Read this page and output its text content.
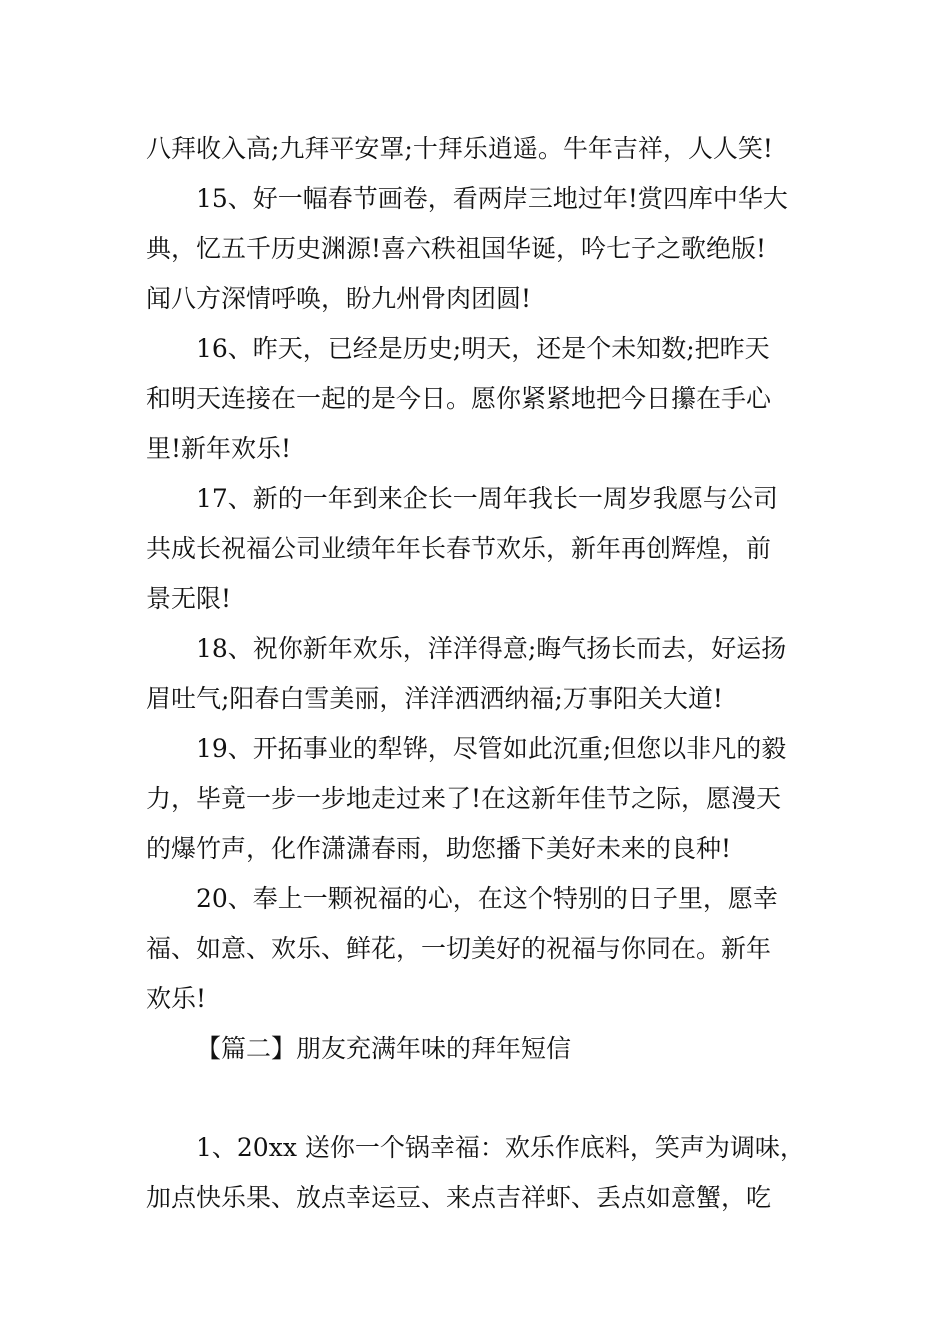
八拜收入高;九拜平安罩;十拜乐逍遥。牛年吉祥，人人笑!
15、好一幅春节画卷，看两岸三地过年!赏四库中华大
典，忆五千历史渊源!喜六秩祖国华诞，吟七子之歌绝版!
闻八方深情呼唤，盼九州骨肉团圆!
16、昨天，已经是历史;明天，还是个未知数;把昨天
和明天连接在一起的是今日。愿你紧紧地把今日攥在手心
里!新年欢乐!
17、新的一年到来企长一周年我长一周岁我愿与公司
共成长祝福公司业绩年年长春节欢乐，新年再创辉煌，前
景无限!
18、祝你新年欢乐，洋洋得意;晦气扬长而去，好运扬
眉吐气;阳春白雪美丽，洋洋洒洒纳福;万事阳关大道!
19、开拓事业的犁铧，尽管如此沉重;但您以非凡的毅
力，毕竟一步一步地走过来了!在这新年佳节之际，愿漫天
的爆竹声，化作潇潇春雨，助您播下美好未来的良种!
20、奉上一颗祝福的心，在这个特别的日子里，愿幸
福、如意、欢乐、鲜花，一切美好的祝福与你同在。新年
欢乐!
【篇二】朋友充满年味的拜年短信
1、20xx 送你一个锅幸福：欢乐作底料，笑声为调味，
加点快乐果、放点幸运豆、来点吉祥虾、丢点如意蟹，吃
